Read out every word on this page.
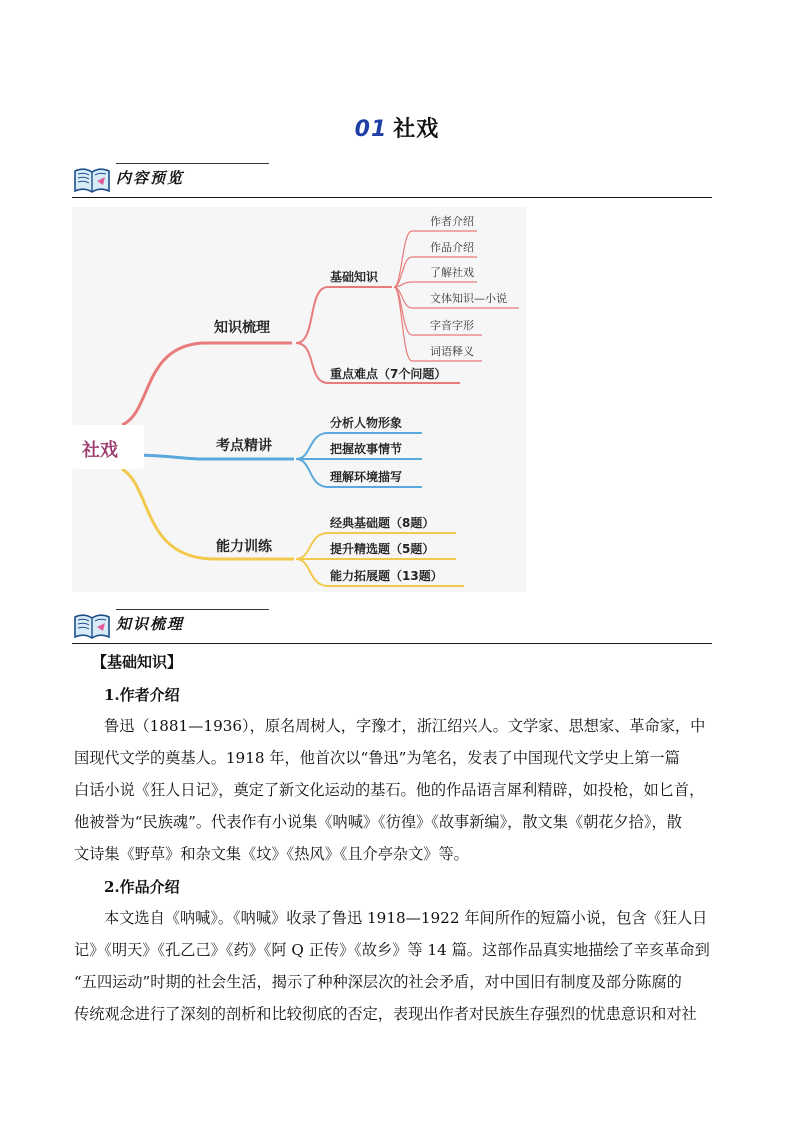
01 社戏
内容预览
社戏
知识梳理
考点精讲
能力训练
基础知识
重点难点（7个问题）
作者介绍
作品介绍
了解社戏
文体知识—小说
字音字形
词语释义
分析人物形象
把握故事情节
理解环境描写
经典基础题（8题）
提升精选题（5题）
能力拓展题（13题）
知识梳理
【基础知识】
1.作者介绍
鲁迅（1881—1936），原名周树人，字豫才，浙江绍兴人。文学家、思想家、革命家，中
国现代文学的奠基人。1918 年，他首次以“鲁迅”为笔名，发表了中国现代文学史上第一篇
白话小说《狂人日记》，奠定了新文化运动的基石。他的作品语言犀利精辟，如投枪，如匕首，
他被誉为“民族魂”。代表作有小说集《呐喊》《彷徨》《故事新编》，散文集《朝花夕拾》，散
文诗集《野草》和杂文集《坟》《热风》《且介亭杂文》等。
2.作品介绍
本文选自《呐喊》。《呐喊》收录了鲁迅 1918—1922 年间所作的短篇小说，包含《狂人日
记》《明天》《孔乙己》《药》《阿 Q 正传》《故乡》等 14 篇。这部作品真实地描绘了辛亥革命到
“五四运动”时期的社会生活，揭示了种种深层次的社会矛盾，对中国旧有制度及部分陈腐的
传统观念进行了深刻的剖析和比较彻底的否定，表现出作者对民族生存强烈的忧患意识和对社
